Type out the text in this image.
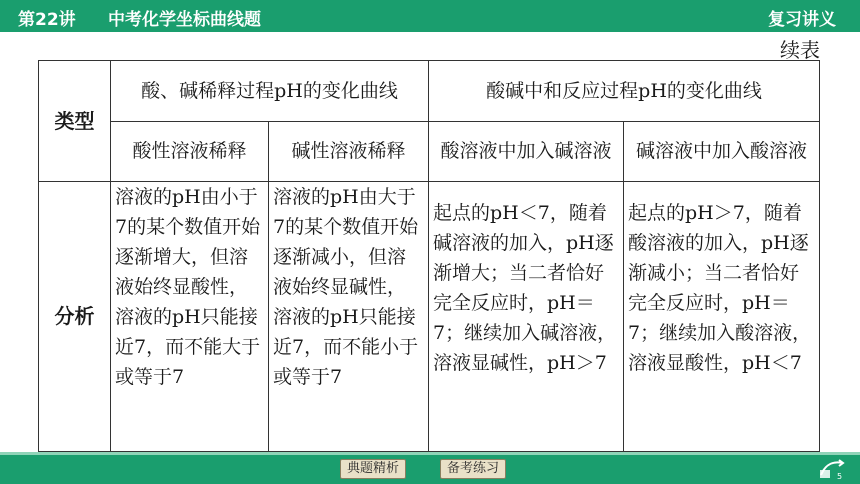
第22讲 中考化学坐标曲线题	复习讲义
续表
类型	酸、碱稀释过程pH的变化曲线		酸碱中和反应过程pH的变化曲线	
	酸性溶液稀释	碱性溶液稀释	酸溶液中加入碱溶液	碱溶液中加入酸溶液
分析	溶液的pH由小于7的某个数值开始逐渐增大，但溶液始终显酸性，溶液的pH只能接近7，而不能大于或等于7	溶液的pH由大于7的某个数值开始逐渐减小，但溶液始终显碱性，溶液的pH只能接近7，而不能小于或等于7	起点的pH＜7，随着碱溶液的加入，pH逐渐增大；当二者恰好完全反应时，pH＝7；继续加入碱溶液，溶液显碱性，pH＞7	起点的pH＞7，随着酸溶液的加入，pH逐渐减小；当二者恰好完全反应时，pH＝7；继续加入酸溶液，溶液显酸性，pH＜7
典题精析	备考练习
5
